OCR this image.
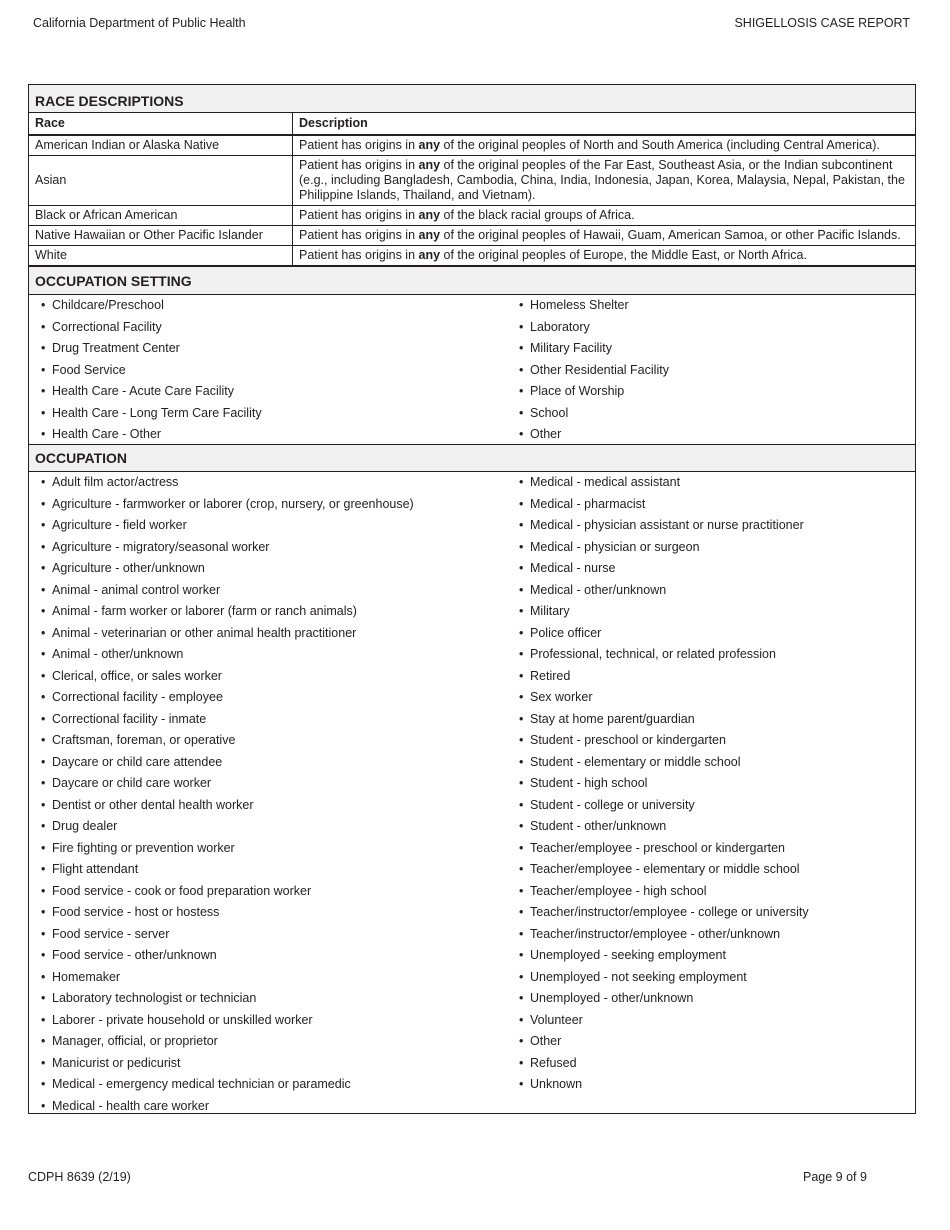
California Department of Public Health	SHIGELLOSIS CASE REPORT
RACE DESCRIPTIONS
Race	Description
American Indian or Alaska Native	Patient has origins in any of the original peoples of North and South America (including Central America).
Asian	Patient has origins in any of the original peoples of the Far East, Southeast Asia, or the Indian subcontinent (e.g., including Bangladesh, Cambodia, China, India, Indonesia, Japan, Korea, Malaysia, Nepal, Pakistan, the Philippine Islands, Thailand, and Vietnam).
Black or African American	Patient has origins in any of the black racial groups of Africa.
Native Hawaiian or Other Pacific Islander	Patient has origins in any of the original peoples of Hawaii, Guam, American Samoa, or other Pacific Islands.
White	Patient has origins in any of the original peoples of Europe, the Middle East, or North Africa.
OCCUPATION SETTING
• Childcare/Preschool
• Correctional Facility
• Drug Treatment Center
• Food Service
• Health Care - Acute Care Facility
• Health Care - Long Term Care Facility
• Health Care - Other
• Homeless Shelter
• Laboratory
• Military Facility
• Other Residential Facility
• Place of Worship
• School
• Other
OCCUPATION
• Adult film actor/actress
• Agriculture - farmworker or laborer (crop, nursery, or greenhouse)
• Agriculture - field worker
• Agriculture - migratory/seasonal worker
• Agriculture - other/unknown
• Animal - animal control worker
• Animal - farm worker or laborer (farm or ranch animals)
• Animal - veterinarian or other animal health practitioner
• Animal - other/unknown
• Clerical, office, or sales worker
• Correctional facility - employee
• Correctional facility - inmate
• Craftsman, foreman, or operative
• Daycare or child care attendee
• Daycare or child care worker
• Dentist or other dental health worker
• Drug dealer
• Fire fighting or prevention worker
• Flight attendant
• Food service - cook or food preparation worker
• Food service - host or hostess
• Food service - server
• Food service - other/unknown
• Homemaker
• Laboratory technologist or technician
• Laborer - private household or unskilled worker
• Manager, official, or proprietor
• Manicurist or pedicurist
• Medical - emergency medical technician or paramedic
• Medical - health care worker
• Medical - medical assistant
• Medical - pharmacist
• Medical - physician assistant or nurse practitioner
• Medical - physician or surgeon
• Medical - nurse
• Medical - other/unknown
• Military
• Police officer
• Professional, technical, or related profession
• Retired
• Sex worker
• Stay at home parent/guardian
• Student - preschool or kindergarten
• Student - elementary or middle school
• Student - high school
• Student - college or university
• Student - other/unknown
• Teacher/employee - preschool or kindergarten
• Teacher/employee - elementary or middle school
• Teacher/employee - high school
• Teacher/instructor/employee - college or university
• Teacher/instructor/employee - other/unknown
• Unemployed - seeking employment
• Unemployed - not seeking employment
• Unemployed - other/unknown
• Volunteer
• Other
• Refused
• Unknown
CDPH 8639 (2/19)	Page 9 of 9
